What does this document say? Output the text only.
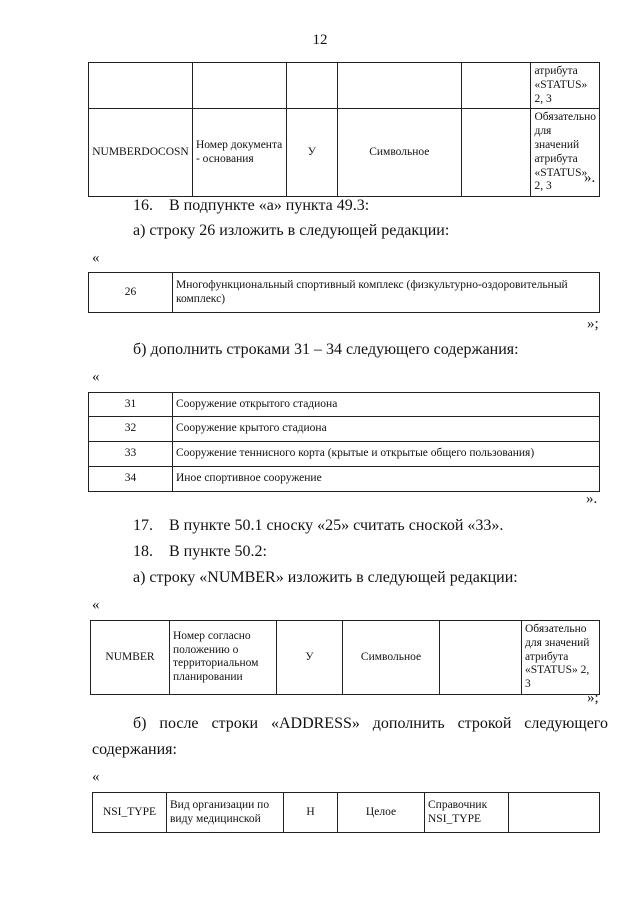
12
					атрибута «STATUS» 2, 3
NUMBERDOCOSN	Номер документа - основания	У	Символьное		Обязательно для значений атрибута «STATUS» 2, 3
».
16. В подпункте «а» пункта 49.3:
а) строку 26 изложить в следующей редакции:
«
26	Многофункциональный спортивный комплекс (физкультурно-оздоровительный комплекс)
»;
б) дополнить строками 31 – 34 следующего содержания:
«
31	Сооружение открытого стадиона
32	Сооружение крытого стадиона
33	Сооружение теннисного корта (крытые и открытые общего пользования)
34	Иное спортивное сооружение
».
17. В пункте 50.1 сноску «25» считать сноской «33».
18. В пункте 50.2:
а) строку «NUMBER» изложить в следующей редакции:
«
NUMBER	Номер согласно положению о территориальном планировании	У	Символьное		Обязательно для значений атрибута «STATUS» 2, 3
»;
б) после строки «ADDRESS» дополнить строкой следующего
содержания:
«
NSI_TYPE	Вид организации по виду медицинской	Н	Целое	Справочник NSI_TYPE	
